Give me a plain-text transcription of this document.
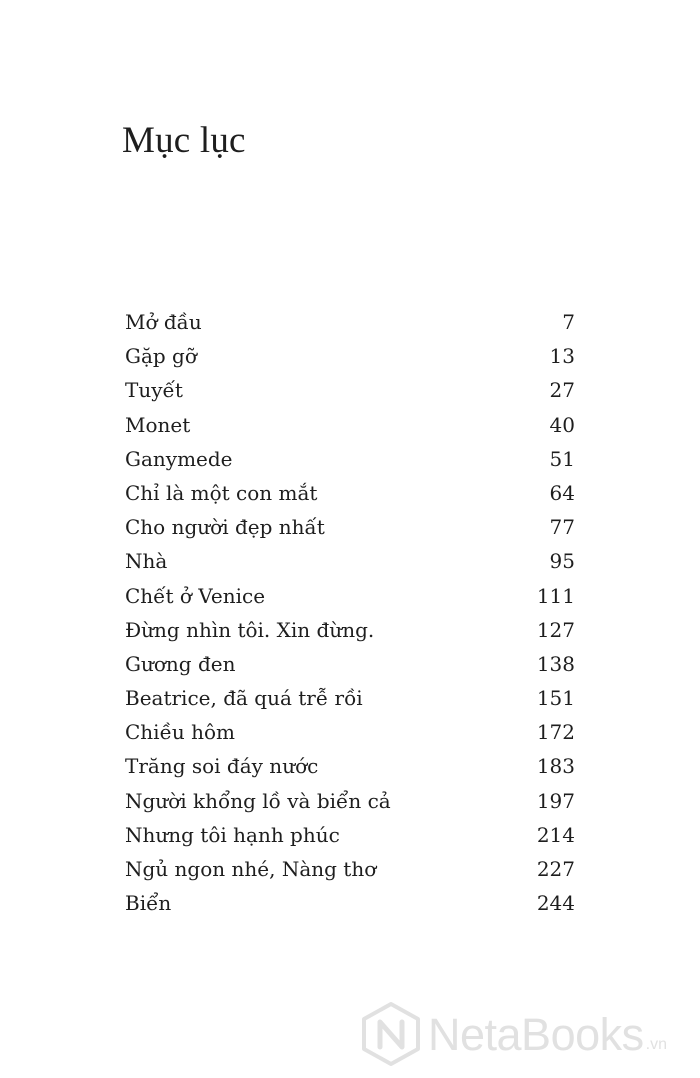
Mục lục
Mở đầu	7
Gặp gỡ	13
Tuyết	27
Monet	40
Ganymede	51
Chỉ là một con mắt	64
Cho người đẹp nhất	77
Nhà	95
Chết ở Venice	111
Đừng nhìn tôi. Xin đừng.	127
Gương đen	138
Beatrice, đã quá trễ rồi	151
Chiều hôm	172
Trăng soi đáy nước	183
Người khổng lồ và biển cả	197
Nhưng tôi hạnh phúc	214
Ngủ ngon nhé, Nàng thơ	227
Biển	244
NetaBooks .vn
